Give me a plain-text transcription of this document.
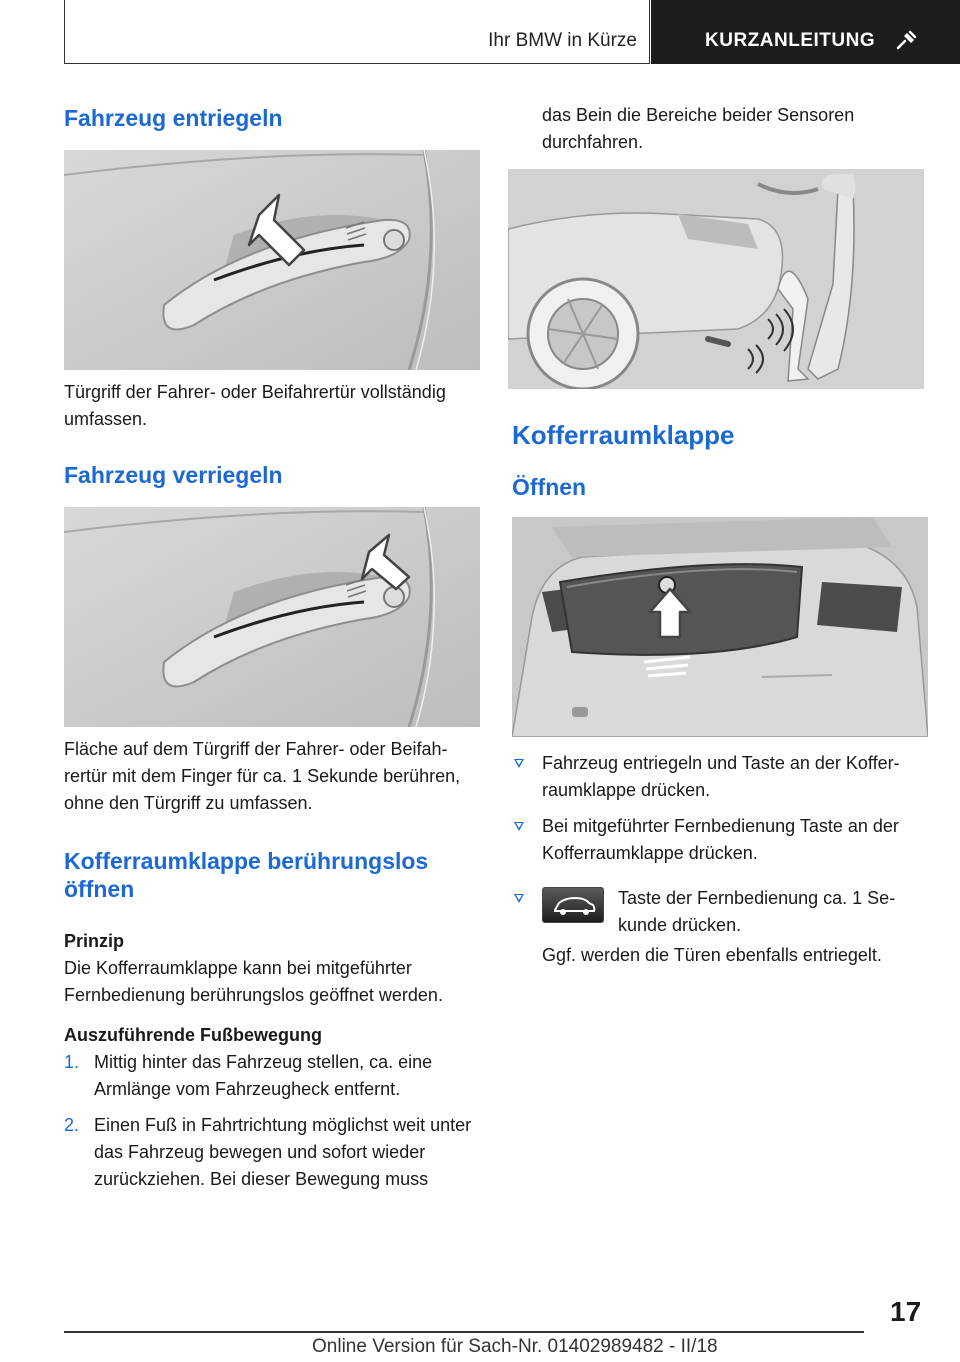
Ihr BMW in Kürze	KURZANLEITUNG
Fahrzeug entriegeln

Türgriff der Fahrer- oder Beifahrertür vollständig umfassen.

Fahrzeug verriegeln

Fläche auf dem Türgriff der Fahrer- oder Beifahrertür mit dem Finger für ca. 1 Sekunde berühren, ohne den Türgriff zu umfassen.

Kofferraumklappe berührungslos öffnen
Prinzip

Die Kofferraumklappe kann bei mitgeführter Fernbedienung berührungslos geöffnet werden.

Auszuführende Fußbewegung
1. Mittig hinter das Fahrzeug stellen, ca. eine Armlänge vom Fahrzeugheck entfernt.
2. Einen Fuß in Fahrtrichtung möglichst weit unter das Fahrzeug bewegen und sofort wieder zurückziehen. Bei dieser Bewegung muss

das Bein die Bereiche beider Sensoren durchfahren.

Kofferraumklappe
Öffnen
Fahrzeug entriegeln und Taste an der Kofferraumklappe drücken.
Bei mitgeführter Fernbedienung Taste an der Kofferraumklappe drücken.
Taste der Fernbedienung ca. 1 Sekunde drücken.

Ggf. werden die Türen ebenfalls entriegelt.

17
Online Version für Sach-Nr. 01402989482 - II/18
